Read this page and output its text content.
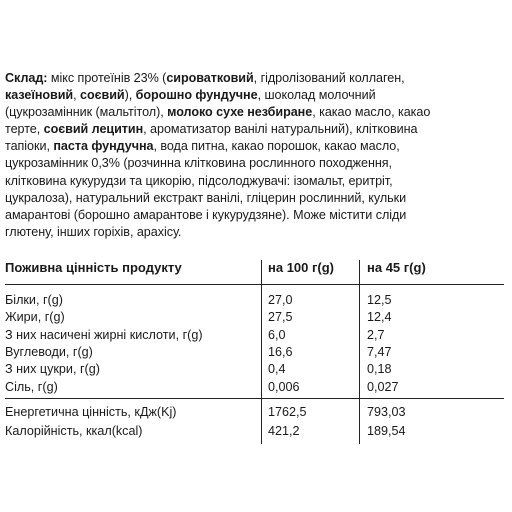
Склад: мікс протеїнів 23% (сироватковий, гідролізований коллаген,
казеїновий, соєвий), борошно фундучне, шоколад молочний
(цукрозамінник (мальтітол), молоко сухе незбиране, какао масло, какао
терте, соєвий лецитин, ароматизатор ванілі натуральний), клітковина
тапіоки, паста фундучна, вода питна, какао порошок, какао масло,
цукрозамінник 0,3% (розчинна клітковина рослинного походження,
клітковина кукурудзи та цикорію, підсолоджувачі: ізомальт, еритріт,
цукралоза), натуральний екстракт ванілі, гліцерин рослинний, кульки
амарантові (борошно амарантове і кукурудзяне). Може містити сліди
глютену, інших горіхів, арахісу.
Поживна цінність продукту	на 100 г(g)	на 45 г(g)
Білки, г(g)	27,0	12,5
Жири, г(g)	27,5	12,4
З них насичені жирні кислоти, г(g)	6,0	2,7
Вуглеводи, г(g)	16,6	7,47
З них цукри, г(g)	0,4	0,18
Сіль, г(g)	0,006	0,027
Енергетична цінність, кДж(Kj)	1762,5	793,03
Калорійність, ккал(kcal)	421,2	189,54
